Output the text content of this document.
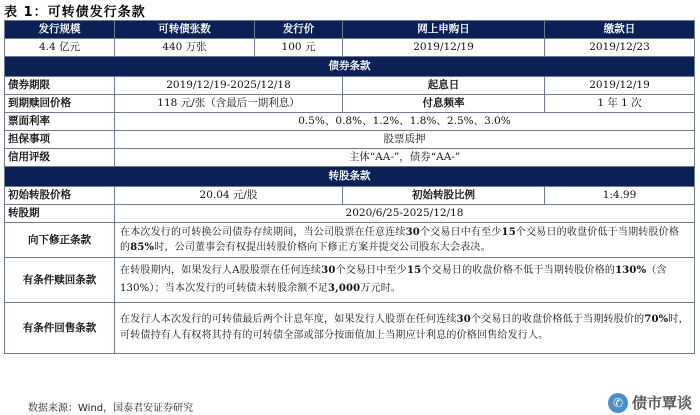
表 1：可转债发行条款
发行规模	可转债张数	发行价	网上申购日	缴款日
4.4 亿元	440 万张	100 元	2019/12/19	2019/12/23
债券条款				
债券期限	2019/12/19-2025/12/18		起息日	2019/12/19
到期赎回价格	118 元/张（含最后一期利息）		付息频率	1 年 1 次
票面利率	0.5%、0.8%、1.2%、1.8%、2.5%、3.0%			
担保事项	股票质押			
信用评级	主体“AA-”，债券“AA-”			
转股条款				
初始转股价格	20.04 元/股		初始转股比例	1:4.99
转股期	2020/6/25-2025/12/18			
向下修正条款	在本次发行的可转换公司债券存续期间，当公司股票在任意连续30个交易日中有至少15个交易日的收盘价低于当期转股价格的85%时，公司董事会有权提出转股价格向下修正方案并提交公司股东大会表决。			
有条件赎回条款	在转股期内，如果发行人A股股票在任何连续30个交易日中至少15个交易日的收盘价格不低于当期转股价格的130%（含130%）；当本次发行的可转债未转股余额不足3,000万元时。			
有条件回售条款	在发行人本次发行的可转债最后两个计息年度，如果发行人股票在任何连续30个交易日的收盘价格低于当期转股价的70%时，可转债持有人有权将其持有的可转债全部或部分按面值加上当期应计利息的价格回售给发行人。			
数据来源：Wind，国泰君安证券研究	✆ 债市覃谈
